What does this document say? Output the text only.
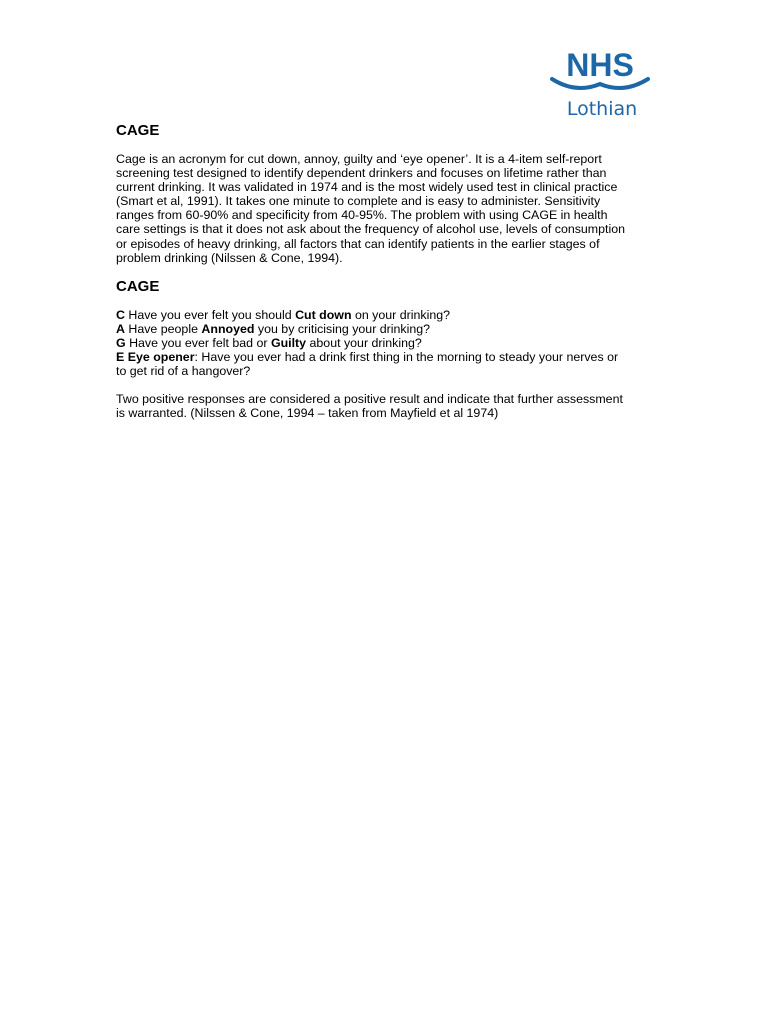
NHS
Lothian
CAGE

Cage is an acronym for cut down, annoy, guilty and ‘eye opener’. It is a 4-item self-report
screening test designed to identify dependent drinkers and focuses on lifetime rather than
current drinking. It was validated in 1974 and is the most widely used test in clinical practice
(Smart et al, 1991). It takes one minute to complete and is easy to administer. Sensitivity
ranges from 60-90% and specificity from 40-95%. The problem with using CAGE in health
care settings is that it does not ask about the frequency of alcohol use, levels of consumption
or episodes of heavy drinking, all factors that can identify patients in the earlier stages of
problem drinking (Nilssen & Cone, 1994).

CAGE

C Have you ever felt you should Cut down on your drinking?
A Have people Annoyed you by criticising your drinking?
G Have you ever felt bad or Guilty about your drinking?
E Eye opener: Have you ever had a drink first thing in the morning to steady your nerves or
to get rid of a hangover?

Two positive responses are considered a positive result and indicate that further assessment
is warranted. (Nilssen & Cone, 1994 – taken from Mayfield et al 1974)
